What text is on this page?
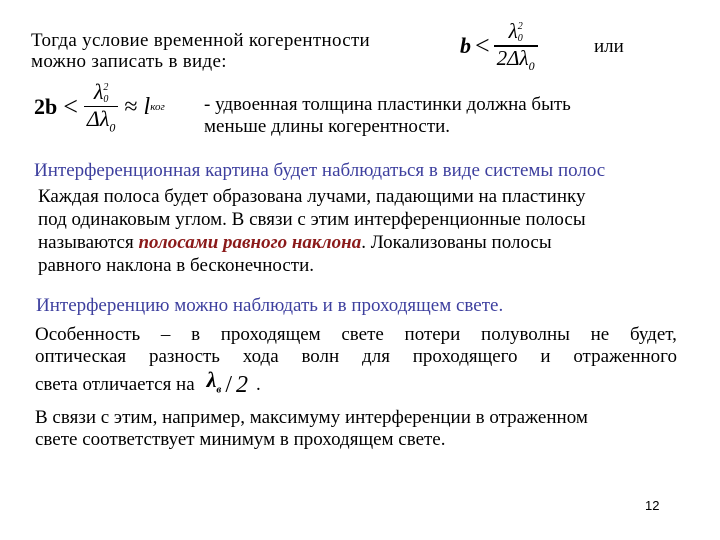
Тогда условие временной когерентности
можно записать в виде:
b < λ 2
0
$2\Delta\lambda_0$	или
2b < λ 2
0
$\Delta\lambda_0 \approx l$ ког - удвоенная толщина пластинки должна быть
меньше длины когерентности.
Интерференционная картина будет наблюдаться в виде системы полос
Каждая полоса будет образована лучами, падающими на пластинку
под одинаковым углом. В связи с этим интерференционные полосы
называются полосами равного наклона. Локализованы полосы
равного наклона в бесконечности.
Интерференцию можно наблюдать и в проходящем свете.
Особенность – в проходящем свете потери полуволны не будет,
оптическая разность хода волн для проходящего и отраженного
света отличается на $\lambda_в / 2$ .
В связи с этим, например, максимуму интерференции в отраженном
свете соответствует минимум в проходящем свете.
12
